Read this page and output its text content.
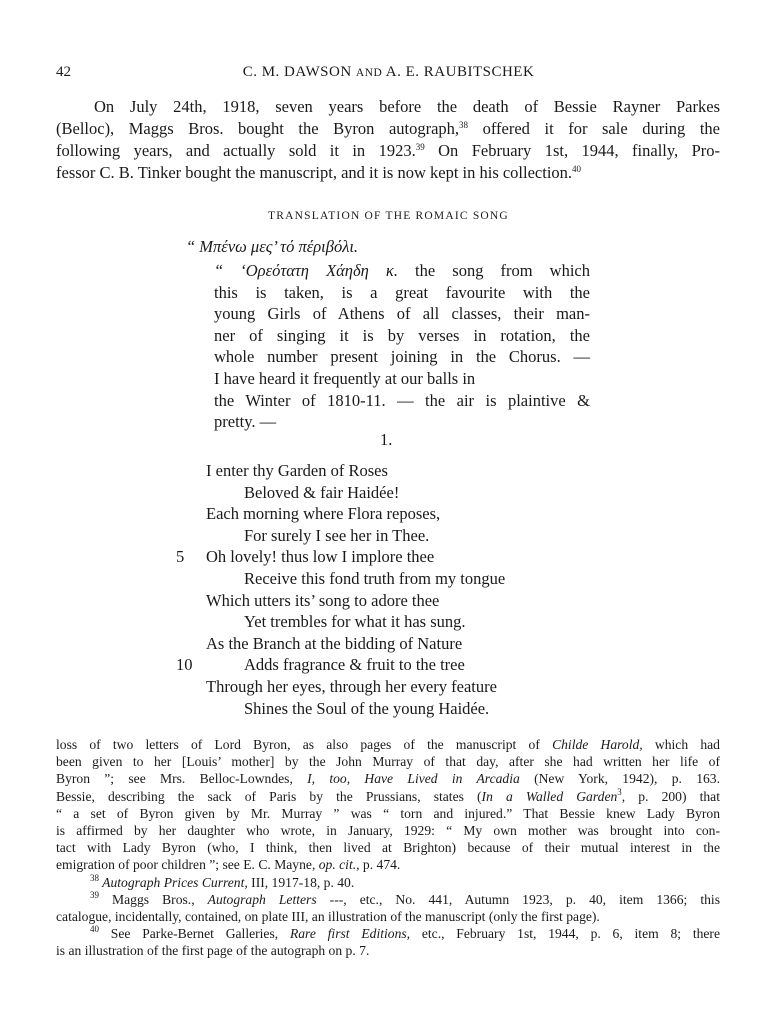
42	C. M. DAWSON AND A. E. RAUBITSCHEK
On July 24th, 1918, seven years before the death of Bessie Rayner Parkes
(Belloc), Maggs Bros. bought the Byron autograph,$^{38}$ offered it for sale during the
following years, and actually sold it in 1923.39 On February 1st, 1944, finally, Pro-
fessor C. B. Tinker bought the manuscript, and it is now kept in his collection.$^{40}$
TRANSLATION OF THE ROMAIC SONG
“ Μπένω μες’ τό πέριβόλι.
“ ‘Ορεότατη Χάηδη κ. the song from which
this is taken, is a great favourite with the
young Girls of Athens of all classes, their man-
ner of singing it is by verses in rotation, the
whole number present joining in the Chorus. —
I have heard it frequently at our balls in
the Winter of 1810-11. — the air is plaintive &
pretty. —
1.
I enter thy Garden of Roses
Beloved & fair Haidée!
Each morning where Flora reposes,
For surely I see her in Thee.
5 Oh lovely! thus low I implore thee
Receive this fond truth from my tongue
Which utters its’ song to adore thee
Yet trembles for what it has sung.
As the Branch at the bidding of Nature
10	Adds fragrance & fruit to the tree
Through her eyes, through her every feature
Shines the Soul of the young Haidée.
loss of two letters of Lord Byron, as also pages of the manuscript of Childe Harold, which had
been given to her [Louis’ mother] by the John Murray of that day, after she had written her life of
Byron ”; see Mrs. Belloc-Lowndes, I, too, Have Lived in Arcadia (New York, 1942), p. 163.
Bessie, describing the sack of Paris by the Prussians, states (In a Walled Garden$^3$, p. 200) that
“ a set of Byron given by Mr. Murray ” was “ torn and injured.” That Bessie knew Lady Byron
is affirmed by her daughter who wrote, in January, 1929: “ My own mother was brought into con-
tact with Lady Byron (who, I think, then lived at Brighton) because of their mutual interest in the
emigration of poor children ”; see E. C. Mayne, op. cit., p. 474.
$^{38}$ Autograph Prices Current, III, 1917-18, p. 40.
$^{39}$ Maggs Bros., Autograph Letters ---, etc., No. 441, Autumn 1923, p. 40, item 1366; this
catalogue, incidentally, contained, on plate III, an illustration of the manuscript (only the first page).
$^{40}$ See Parke-Bernet Galleries, Rare first Editions, etc., February 1st, 1944, p. 6, item 8; there
is an illustration of the first page of the autograph on p. 7.
